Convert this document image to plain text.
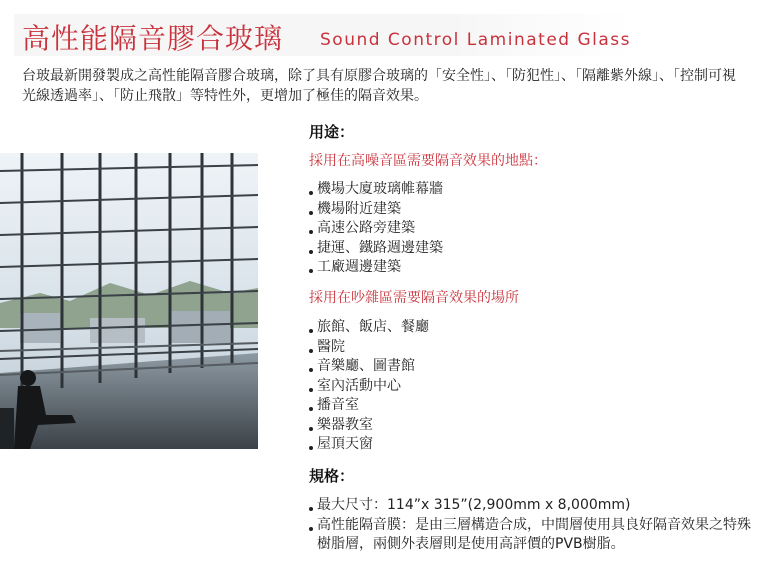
高性能隔音膠合玻璃 Sound Control Laminated Glass
台玻最新開發製成之高性能隔音膠合玻璃，除了具有原膠合玻璃的「安全性」、「防犯性」、「隔離紫外線」、「控制可視光線透過率」、「防止飛散」等特性外，更增加了極佳的隔音效果。
用途：
採用在高噪音區需要隔音效果的地點：
機場大廈玻璃帷幕牆
機場附近建築
高速公路旁建築
捷運、鐵路週邊建築
工廠週邊建築
採用在吵雜區需要隔音效果的場所
旅館、飯店、餐廳
醫院
音樂廳、圖書館
室內活動中心
播音室
樂器教室
屋頂天窗
規格：
最大尺寸：114”x 315”(2,900mm x 8,000mm)
高性能隔音膜：是由三層構造合成，中間層使用具良好隔音效果之特殊樹脂層，兩側外表層則是使用高評價的PVB樹脂。
